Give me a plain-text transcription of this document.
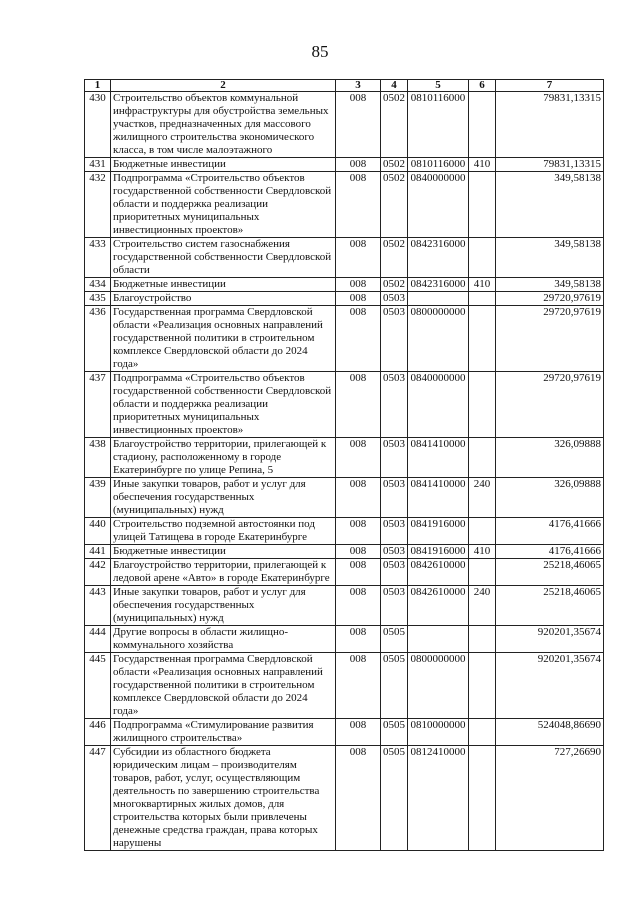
85
1	2	3	4	5	6	7
430	Строительство объектов коммунальной инфраструктуры для обустройства земельных участков, предназначенных для массового жилищного строительства экономического класса, в том числе малоэтажного	008	0502	0810116000		79831,13315

431	Бюджетные инвестиции	008	0502	0810116000	410	79831,13315

432	Подпрограмма «Строительство объектов государственной собственности Свердловской области и поддержка реализации приоритетных муниципальных инвестиционных проектов»	008	0502	0840000000		349,58138

433	Строительство систем газоснабжения государственной собственности Свердловской области	008	0502	0842316000		349,58138

434	Бюджетные инвестиции	008	0502	0842316000	410	349,58138

435	Благоустройство	008	0503			29720,97619

436	Государственная программа Свердловской области «Реализация основных направлений государственной политики в строительном комплексе Свердловской области до 2024 года»	008	0503	0800000000		29720,97619

437	Подпрограмма «Строительство объектов государственной собственности Свердловской области и поддержка реализации приоритетных муниципальных инвестиционных проектов»	008	0503	0840000000		29720,97619

438	Благоустройство территории, прилегающей к стадиону, расположенному в городе Екатеринбурге по улице Репина, 5	008	0503	0841410000		326,09888

439	Иные закупки товаров, работ и услуг для обеспечения государственных (муниципальных) нужд	008	0503	0841410000	240	326,09888

440	Строительство подземной автостоянки под улицей Татищева в городе Екатеринбурге	008	0503	0841916000		4176,41666

441	Бюджетные инвестиции	008	0503	0841916000	410	4176,41666

442	Благоустройство территории, прилегающей к ледовой арене «Авто» в городе Екатеринбурге	008	0503	0842610000		25218,46065

443	Иные закупки товаров, работ и услуг для обеспечения государственных (муниципальных) нужд	008	0503	0842610000	240	25218,46065

444	Другие вопросы в области жилищно-коммунального хозяйства	008	0505			920201,35674

445	Государственная программа Свердловской области «Реализация основных направлений государственной политики в строительном комплексе Свердловской области до 2024 года»	008	0505	0800000000		920201,35674

446	Подпрограмма «Стимулирование развития жилищного строительства»	008	0505	0810000000		524048,86690

447	Субсидии из областного бюджета юридическим лицам – производителям товаров, работ, услуг, осуществляющим деятельность по завершению строительства многоквартирных жилых домов, для строительства которых были привлечены денежные средства граждан, права которых нарушены	008	0505	0812410000		727,26690
